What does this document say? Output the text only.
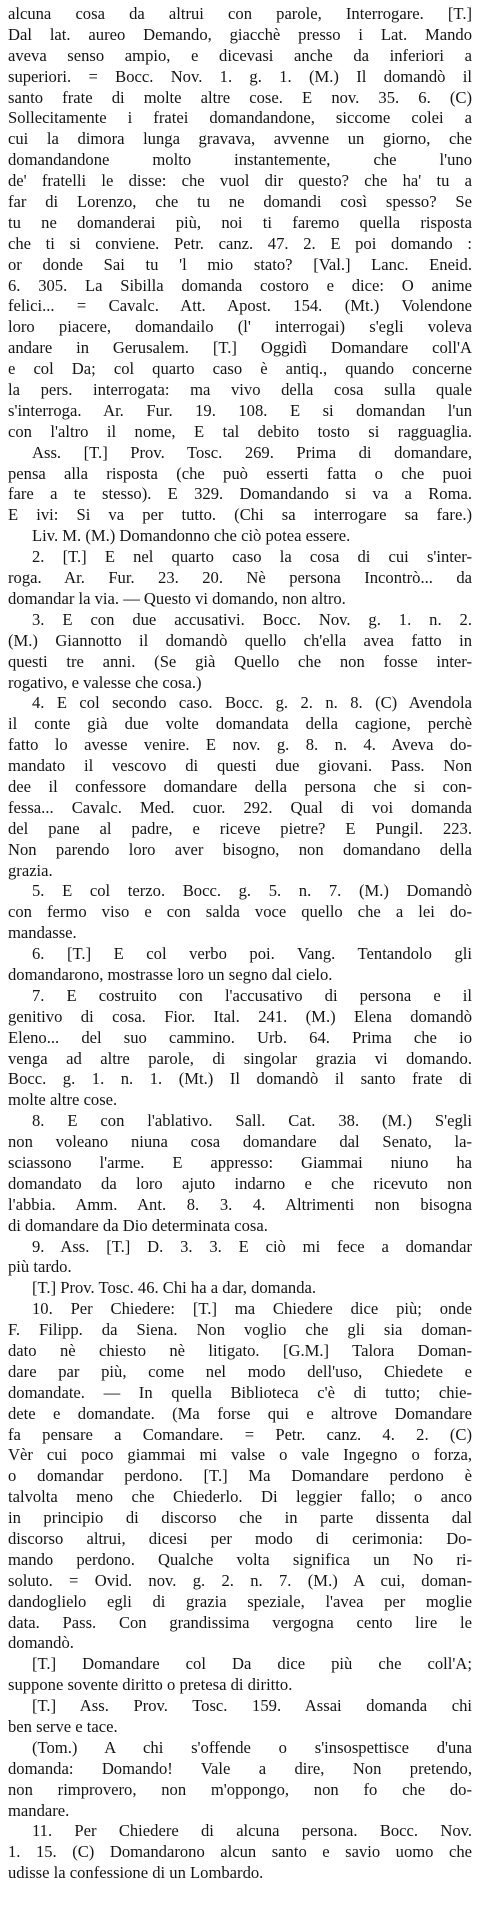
alcuna cosa da altrui con parole, Interrogare. [T.]
Dal lat. aureo Demando, giacchè presso i Lat. Mando
aveva senso ampio, e dicevasi anche da inferiori a
superiori. = Bocc. Nov. 1. g. 1. (M.) Il domandò il
santo frate di molte altre cose. E nov. 35. 6. (C)
Sollecitamente i fratei domandandone, siccome colei a
cui la dimora lunga gravava, avvenne un giorno, che
domandandone molto instantemente, che l'uno
de' fratelli le disse: che vuol dir questo? che ha' tu a
far di Lorenzo, che tu ne domandi così spesso? Se
tu ne domanderai più, noi ti faremo quella risposta
che ti si conviene. Petr. canz. 47. 2. E poi domando :
or donde Sai tu 'l mio stato? [Val.] Lanc. Eneid.
6. 305. La Sibilla domanda costoro e dice: O anime
felici... = Cavalc. Att. Apost. 154. (Mt.) Volendone
loro piacere, domandailo (l' interrogai) s'egli voleva
andare in Gerusalem. [T.] Oggidì Domandare coll'A
e col Da; col quarto caso è antiq., quando concerne
la pers. interrogata: ma vivo della cosa sulla quale
s'interroga. Ar. Fur. 19. 108. E si domandan l'un
con l'altro il nome, E tal debito tosto si ragguaglia.
Ass. [T.] Prov. Tosc. 269. Prima di domandare,
pensa alla risposta (che può esserti fatta o che puoi
fare a te stesso). E 329. Domandando si va a Roma.
E ivi: Si va per tutto. (Chi sa interrogare sa fare.)
Liv. M. (M.) Domandonno che ciò potea essere.
2. [T.] E nel quarto caso la cosa di cui s'inter-
roga. Ar. Fur. 23. 20. Nè persona Incontrò... da
domandar la via. — Questo vi domando, non altro.
3. E con due accusativi. Bocc. Nov. g. 1. n. 2.
(M.) Giannotto il domandò quello ch'ella avea fatto in
questi tre anni. (Se già Quello che non fosse inter-
rogativo, e valesse che cosa.)
4. E col secondo caso. Bocc. g. 2. n. 8. (C) Avendola
il conte già due volte domandata della cagione, perchè
fatto lo avesse venire. E nov. g. 8. n. 4. Aveva do-
mandato il vescovo di questi due giovani. Pass. Non
dee il confessore domandare della persona che si con-
fessa... Cavalc. Med. cuor. 292. Qual di voi domanda
del pane al padre, e riceve pietre? E Pungil. 223.
Non parendo loro aver bisogno, non domandano della
grazia.
5. E col terzo. Bocc. g. 5. n. 7. (M.) Domandò
con fermo viso e con salda voce quello che a lei do-
mandasse.
6. [T.] E col verbo poi. Vang. Tentandolo gli
domandarono, mostrasse loro un segno dal cielo.
7. E costruito con l'accusativo di persona e il
genitivo di cosa. Fior. Ital. 241. (M.) Elena domandò
Eleno... del suo cammino. Urb. 64. Prima che io
venga ad altre parole, di singolar grazia vi domando.
Bocc. g. 1. n. 1. (Mt.) Il domandò il santo frate di
molte altre cose.
8. E con l'ablativo. Sall. Cat. 38. (M.) S'egli
non voleano niuna cosa domandare dal Senato, la-
sciassono l'arme. E appresso: Giammai niuno ha
domandato da loro ajuto indarno e che ricevuto non
l'abbia. Amm. Ant. 8. 3. 4. Altrimenti non bisogna
di domandare da Dio determinata cosa.
9. Ass. [T.] D. 3. 3. E ciò mi fece a domandar
più tardo.
[T.] Prov. Tosc. 46. Chi ha a dar, domanda.
10. Per Chiedere: [T.] ma Chiedere dice più; onde
F. Filipp. da Siena. Non voglio che gli sia doman-
dato nè chiesto nè litigato. [G.M.] Talora Doman-
dare par più, come nel modo dell'uso, Chiedete e
domandate. — In quella Biblioteca c'è di tutto; chie-
dete e domandate. (Ma forse qui e altrove Domandare
fa pensare a Comandare. = Petr. canz. 4. 2. (C)
Vèr cui poco giammai mi valse o vale Ingegno o forza,
o domandar perdono. [T.] Ma Domandare perdono è
talvolta meno che Chiederlo. Di leggier fallo; o anco
in principio di discorso che in parte dissenta dal
discorso altrui, dicesi per modo di cerimonia: Do-
mando perdono. Qualche volta significa un No ri-
soluto. = Ovid. nov. g. 2. n. 7. (M.) A cui, doman-
dandoglielo egli di grazia speziale, l'avea per moglie
data. Pass. Con grandissima vergogna cento lire le
domandò.
[T.] Domandare col Da dice più che coll'A;
suppone sovente diritto o pretesa di diritto.
[T.] Ass. Prov. Tosc. 159. Assai domanda chi
ben serve e tace.
(Tom.) A chi s'offende o s'insospettisce d'una
domanda: Domando! Vale a dire, Non pretendo,
non rimprovero, non m'oppongo, non fo che do-
mandare.
11. Per Chiedere di alcuna persona. Bocc. Nov.
1. 15. (C) Domandarono alcun santo e savio uomo che
udisse la confessione di un Lombardo.
